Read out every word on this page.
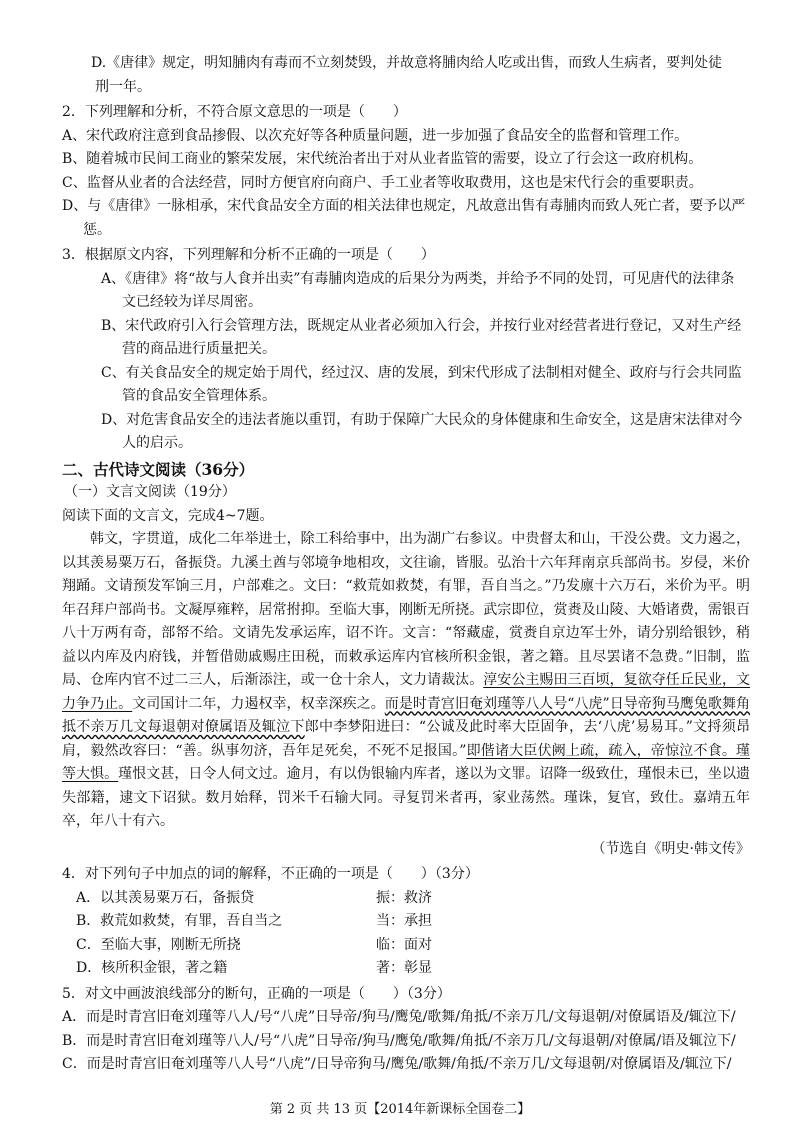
D.《唐律》规定，明知脯肉有毒而不立刻焚毁，并故意将脯肉给人吃或出售，而致人生病者，要判处徒
刑一年。

2．下列理解和分析，不符合原文意思的一项是（　　）

A、宋代政府注意到食品掺假、以次充好等各种质量问题，进一步加强了食品安全的监督和管理工作。

B、随着城市民间工商业的繁荣发展，宋代统治者出于对从业者监管的需要，设立了行会这一政府机构。

C、监督从业者的合法经营，同时方便官府向商户、手工业者等收取费用，这也是宋代行会的重要职责。

D、与《唐律》一脉相承，宋代食品安全方面的相关法律也规定，凡故意出售有毒脯肉而致人死亡者，要予以严惩。

3．根据原文内容，下列理解和分析不正确的一项是（　　）

A、《唐律》将“故与人食并出卖”有毒脯肉造成的后果分为两类，并给予不同的处罚，可见唐代的法律条文已经较为详尽周密。

B、宋代政府引入行会管理方法，既规定从业者必须加入行会，并按行业对经营者进行登记，又对生产经营的商品进行质量把关。

C、有关食品安全的规定始于周代，经过汉、唐的发展，到宋代形成了法制相对健全、政府与行会共同监管的食品安全管理体系。

D、对危害食品安全的违法者施以重罚，有助于保障广大民众的身体健康和生命安全，这是唐宋法律对今人的启示。

二、古代诗文阅读（36分）

（一）文言文阅读（19分）

阅读下面的文言文，完成4~7题。

韩文，字贯道，成化二年举进士，除工科给事中，出为湖广右参议。中贵督太和山，干没公费。文力遏之，以其羡易粟万石，备振贷。九溪土酋与邻境争地相攻，文往谕，皆服。弘治十六年拜南京兵部尚书。岁侵，米价翔踊。文请预发军饷三月，户部难之。文曰：“救荒如救焚，有罪，吾自当之。”乃发廪十六万石，米价为平。明年召拜户部尚书。文凝厚雍粹，居常拊抑。至临大事，刚断无所挠。武宗即位，赏赉及山陵、大婚诸费，需银百八十万两有奇，部帑不给。文请先发承运库，诏不许。文言：“帑藏虚，赏赉自京边军士外，请分别给银钞，稍益以内库及内府钱，并暂借勋戚赐庄田税，而敕承运库内官核所积金银，著之籍。且尽罢诸不急费。”旧制，监局、仓库内官不过二三人，后渐添注，或一仓十余人，文力请裁汰。淳安公主赐田三百顷，复欲夺任丘民业，文力争乃止。文司国计二年，力遏权幸，权幸深疾之。而是时青宫旧奄刘瑾等八人号“八虎”日导帝狗马鹰兔歌舞角抵不亲万几文每退朝对僚属语及辄泣下郎中李梦阳进曰：“公诚及此时率大臣固争，去‘八虎’易易耳。”文捋须昂肩，毅然改容曰：“善。纵事勿济，吾年足死矣，不死不足报国。”即偕诸大臣伏阙上疏，疏入，帝惊泣不食。瑾等大惧。瑾恨文甚，日令人伺文过。逾月，有以伪银输内库者，遂以为文罪。诏降一级致仕，瑾恨未已，坐以遗失部籍，逮文下诏狱。数月始释，罚米千石输大同。寻复罚米者再，家业荡然。瑾诛，复官，致仕。嘉靖五年卒，年八十有六。

（节选自《明史·韩文传》

4．对下列句子中加点的词的解释，不正确的一项是（　　）（3分）

A．以其羡易粟万石，备振贷	振：救济
B．救荒如救焚，有罪，吾自当之	当：承担
C．至临大事，刚断无所挠	临：面对
D．核所积金银，著之籍	著：彰显

5．对文中画波浪线部分的断句，正确的一项是（　　）（3分）

A．而是时青宫旧奄刘瑾等八人/号“八虎”日导帝/狗马/鹰兔/歌舞/角抵/不亲万几/文每退朝/对僚属语及/辄泣下/

B．而是时青宫旧奄刘瑾等八人/号“八虎”日导帝/狗马/鹰兔/歌舞/角抵/不亲万几/文每退朝/对僚属/语及辄泣下/

C．而是时青宫旧奄刘瑾等八人号“八虎”/日导帝狗马/鹰兔/歌舞/角抵/不亲万几/文每退朝/对僚属语及/辄泣下/

第 2 页 共 13 页【2014年新课标全国卷二】
